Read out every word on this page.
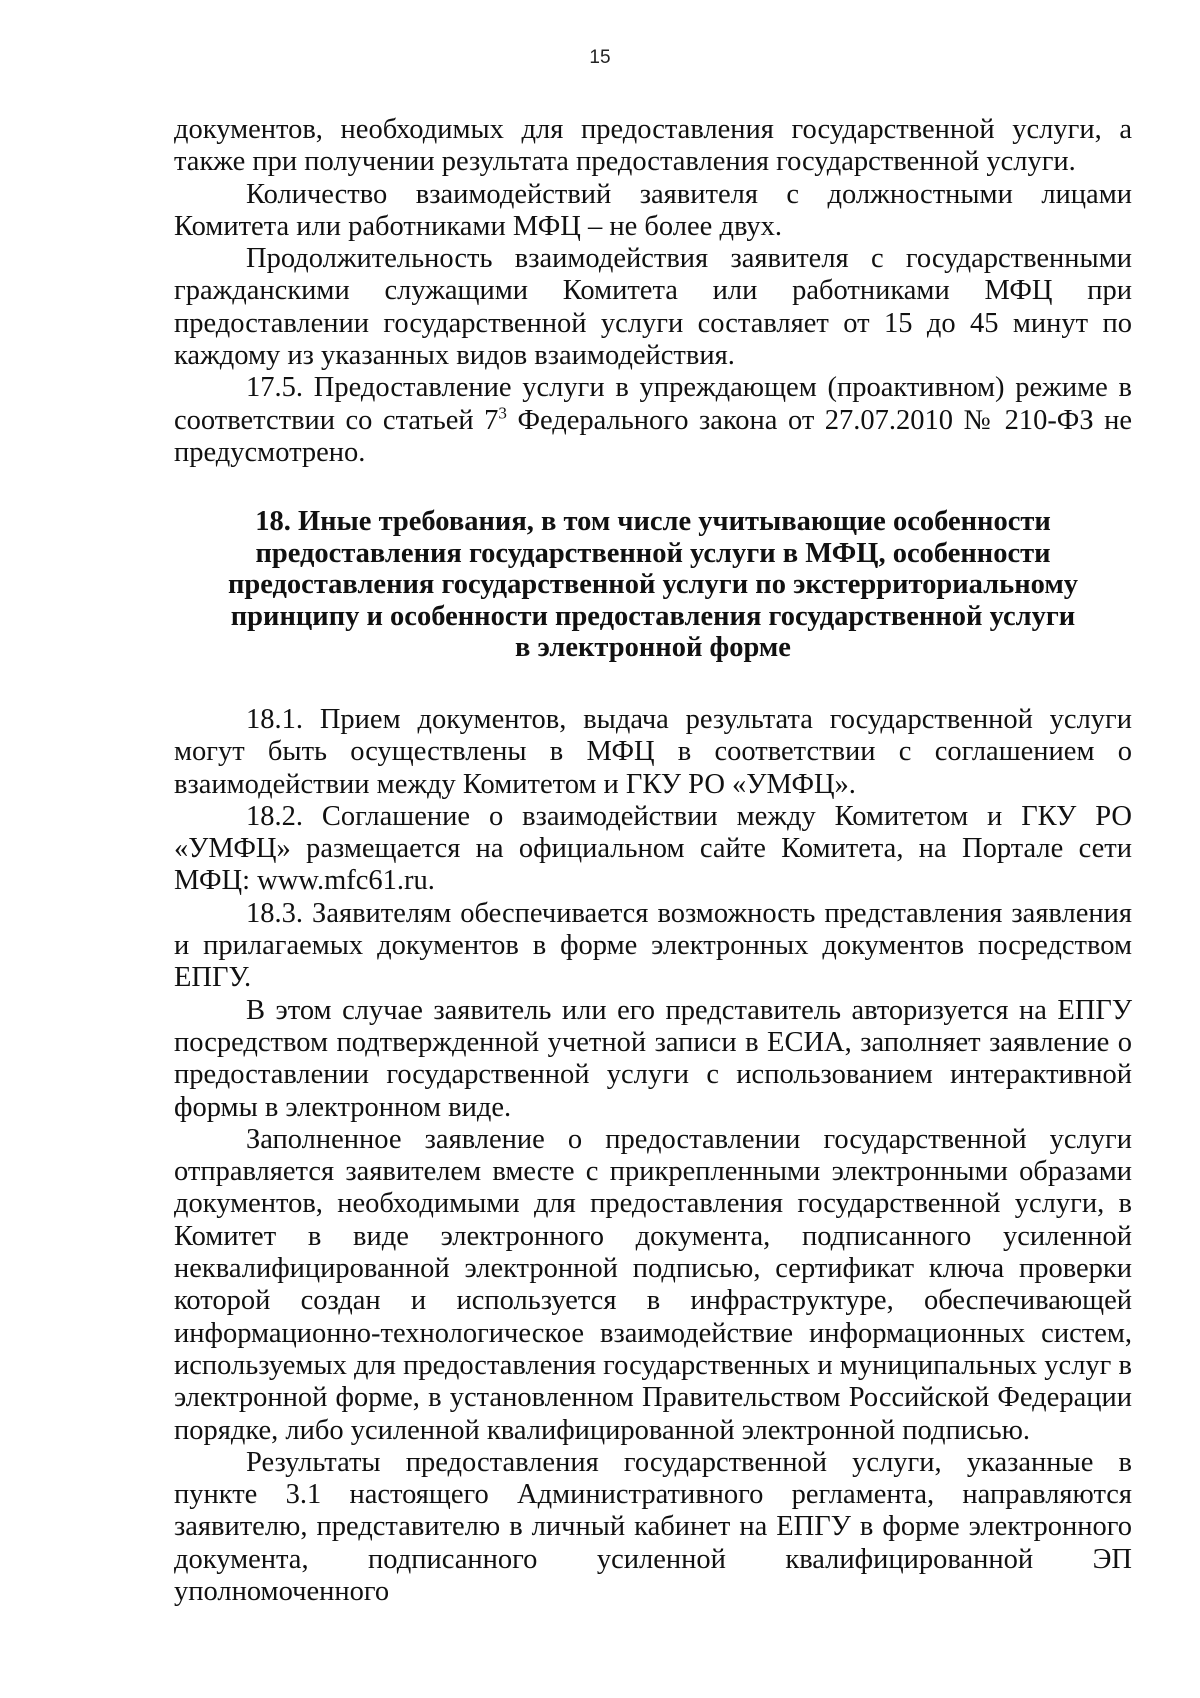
15

документов, необходимых для предоставления государственной услуги, а также при получении результата предоставления государственной услуги.

Количество взаимодействий заявителя с должностными лицами Комитета или работниками МФЦ – не более двух.

Продолжительность взаимодействия заявителя с государственными гражданскими служащими Комитета или работниками МФЦ при предоставлении государственной услуги составляет от 15 до 45 минут по каждому из указанных видов взаимодействия.

17.5. Предоставление услуги в упреждающем (проактивном) режиме в соответствии со статьей $7^3$ Федерального закона от 27.07.2010 № 210-ФЗ не предусмотрено.

18. Иные требования, в том числе учитывающие особенности
предоставления государственной услуги в МФЦ, особенности
предоставления государственной услуги по экстерриториальному
принципу и особенности предоставления государственной услуги
в электронной форме

18.1. Прием документов, выдача результата государственной услуги могут быть осуществлены в МФЦ в соответствии с соглашением о взаимодействии между Комитетом и ГКУ РО «УМФЦ».

18.2. Соглашение о взаимодействии между Комитетом и ГКУ РО «УМФЦ» размещается на официальном сайте Комитета, на Портале сети МФЦ: www.mfc61.ru.

18.3. Заявителям обеспечивается возможность представления заявления и прилагаемых документов в форме электронных документов посредством ЕПГУ.

В этом случае заявитель или его представитель авторизуется на ЕПГУ посредством подтвержденной учетной записи в ЕСИА, заполняет заявление о предоставлении государственной услуги с использованием интерактивной формы в электронном виде.

Заполненное заявление о предоставлении государственной услуги отправляется заявителем вместе с прикрепленными электронными образами документов, необходимыми для предоставления государственной услуги, в Комитет в виде электронного документа, подписанного усиленной неквалифицированной электронной подписью, сертификат ключа проверки которой создан и используется в инфраструктуре, обеспечивающей информационно-технологическое взаимодействие информационных систем, используемых для предоставления государственных и муниципальных услуг в электронной форме, в установленном Правительством Российской Федерации порядке, либо усиленной квалифицированной электронной подписью.

Результаты предоставления государственной услуги, указанные в пункте 3.1 настоящего Административного регламента, направляются заявителю, представителю в личный кабинет на ЕПГУ в форме электронного документа, подписанного усиленной квалифицированной ЭП уполномоченного
